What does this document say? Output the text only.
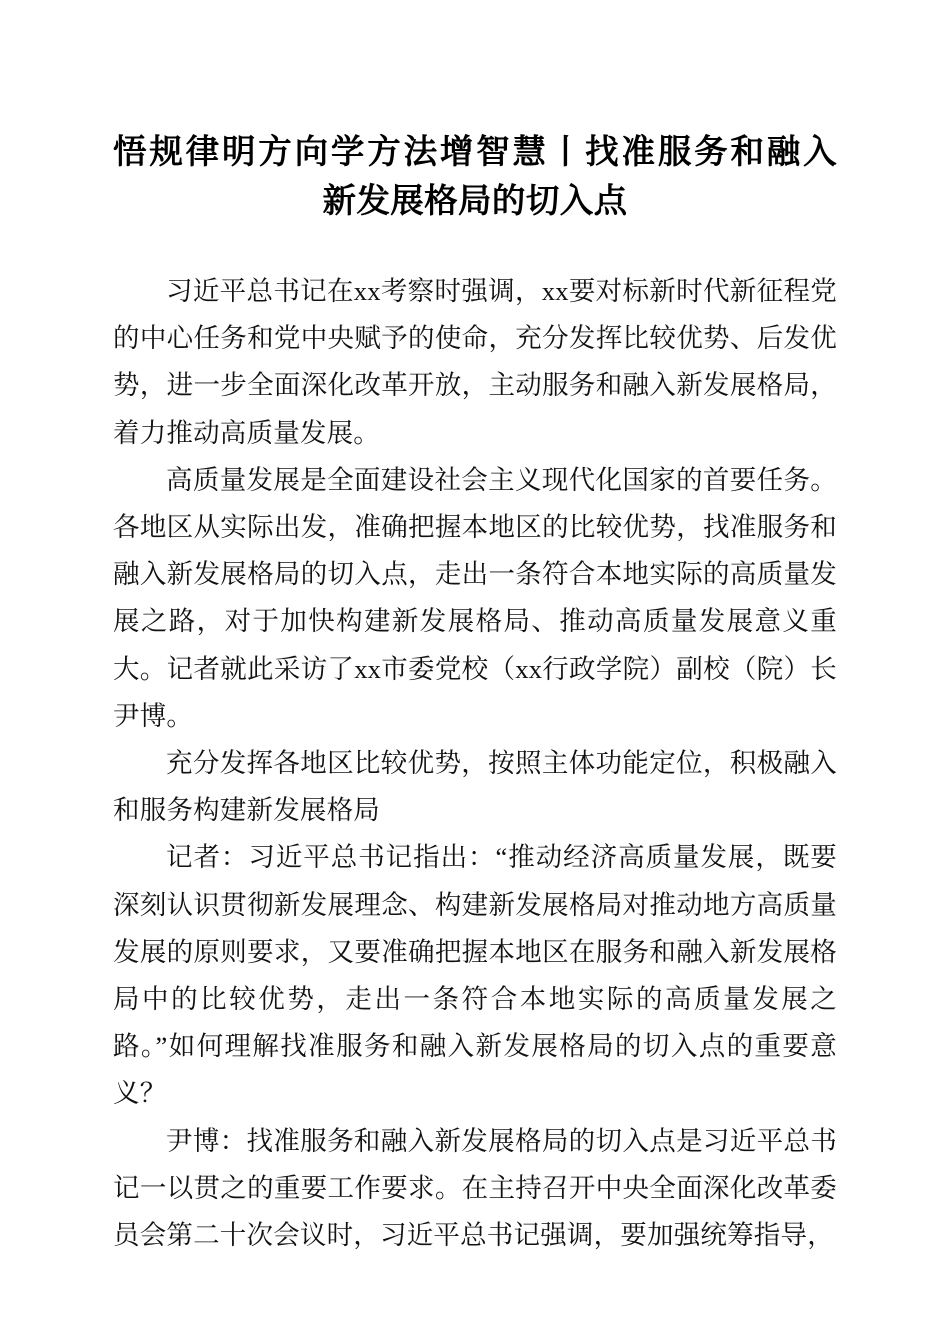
悟规律明方向学方法增智慧丨找准服务和融入
新发展格局的切入点

习近平总书记在xx考察时强调，xx要对标新时代新征程党的中心任务和党中央赋予的使命，充分发挥比较优势、后发优势，进一步全面深化改革开放，主动服务和融入新发展格局，着力推动高质量发展。

高质量发展是全面建设社会主义现代化国家的首要任务。各地区从实际出发，准确把握本地区的比较优势，找准服务和融入新发展格局的切入点，走出一条符合本地实际的高质量发展之路，对于加快构建新发展格局、推动高质量发展意义重大。记者就此采访了xx市委党校（xx行政学院）副校（院）长尹博。

充分发挥各地区比较优势，按照主体功能定位，积极融入和服务构建新发展格局

记者：习近平总书记指出：“推动经济高质量发展，既要深刻认识贯彻新发展理念、构建新发展格局对推动地方高质量发展的原则要求，又要准确把握本地区在服务和融入新发展格局中的比较优势，走出一条符合本地实际的高质量发展之路。”如何理解找准服务和融入新发展格局的切入点的重要意义？

尹博：找准服务和融入新发展格局的切入点是习近平总书记一以贯之的重要工作要求。在主持召开中央全面深化改革委员会第二十次会议时，习近平总书记强调，要加强统筹指导，
